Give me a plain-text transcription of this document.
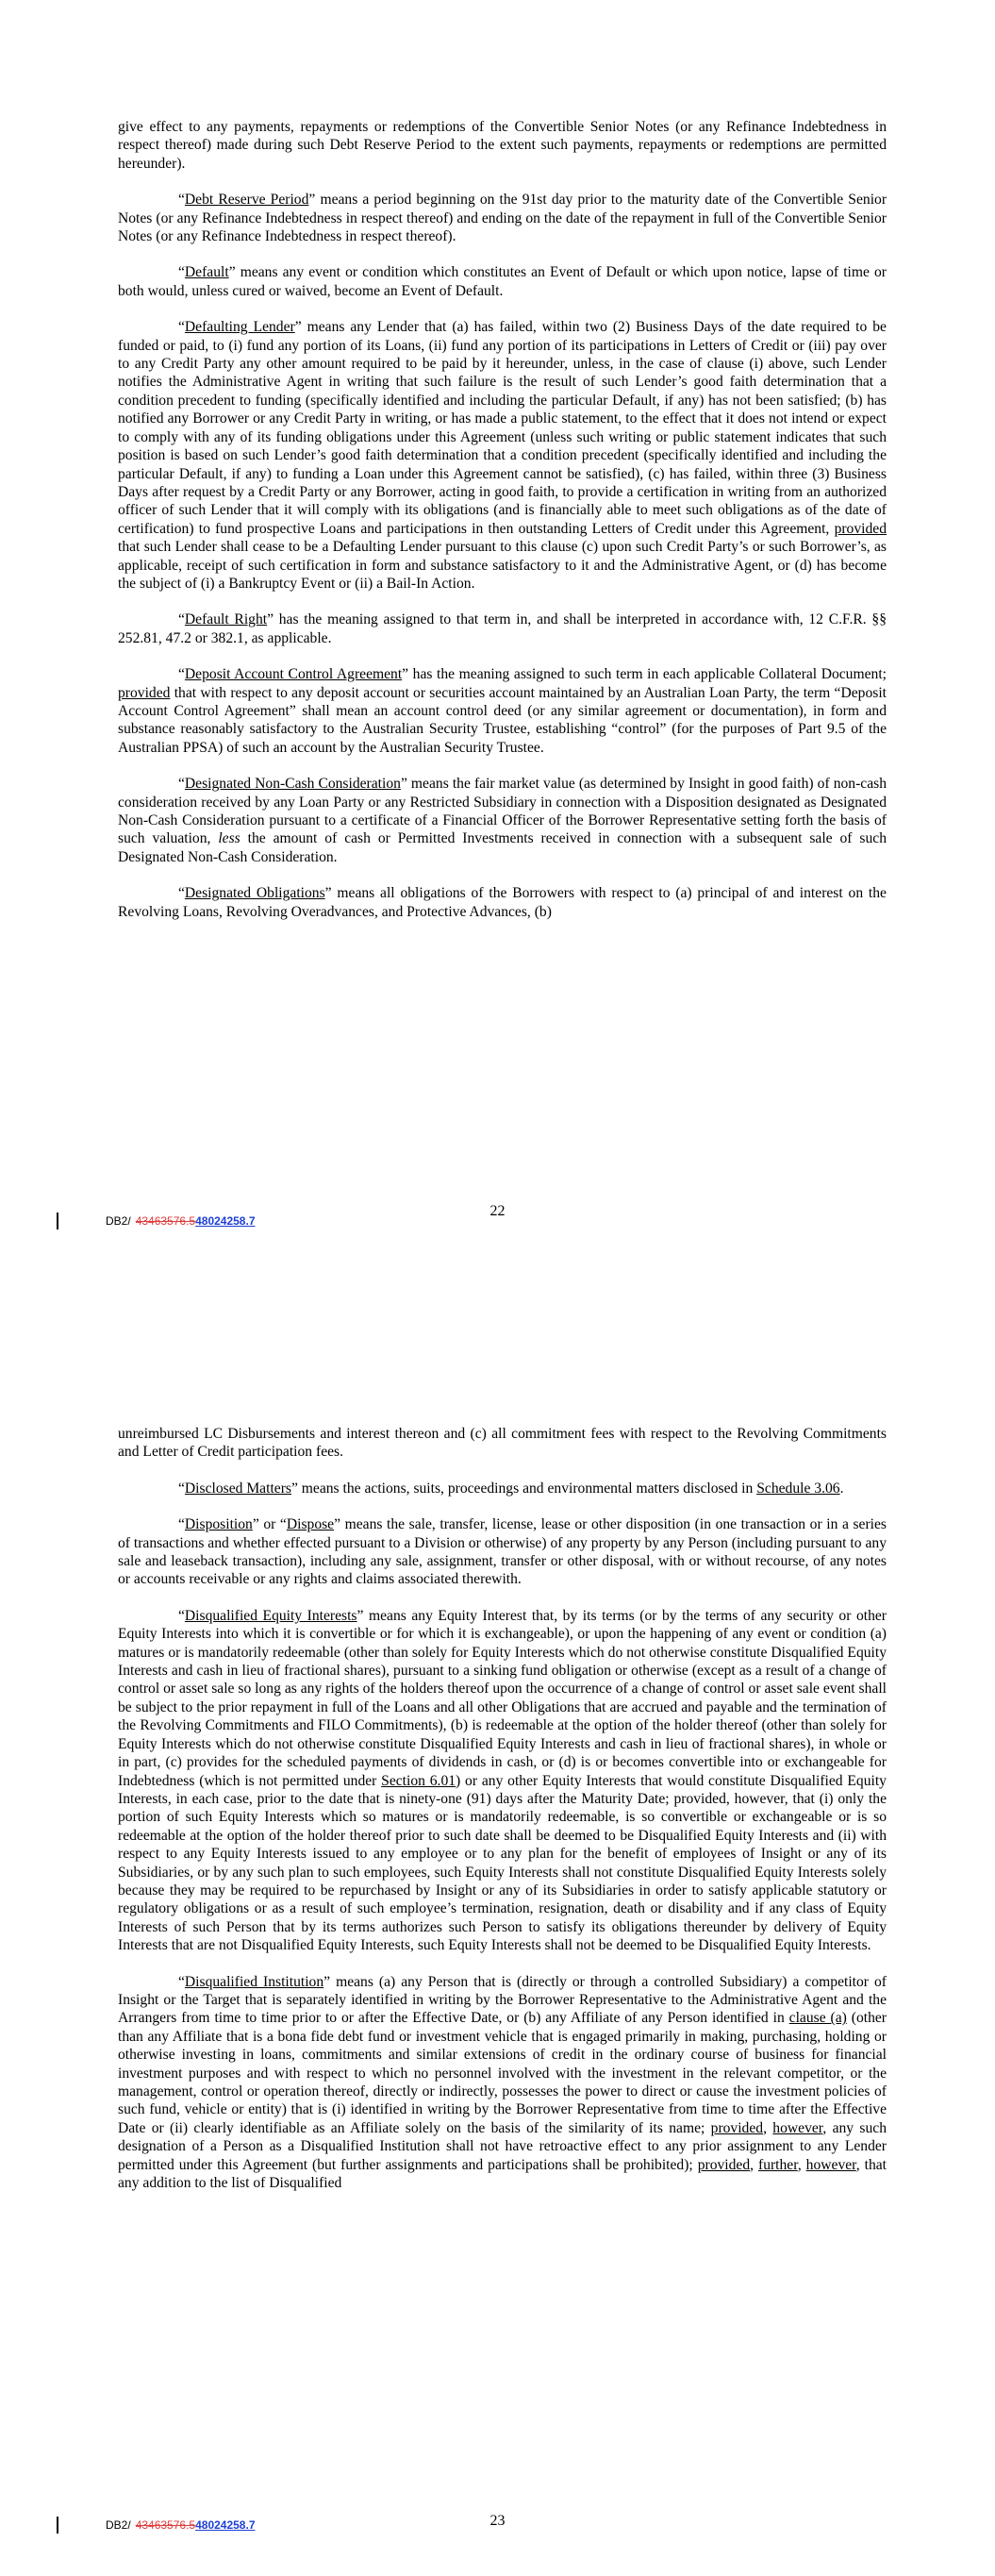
give effect to any payments, repayments or redemptions of the Convertible Senior Notes (or any Refinance Indebtedness in respect thereof) made during such Debt Reserve Period to the extent such payments, repayments or redemptions are permitted hereunder).

“Debt Reserve Period” means a period beginning on the 91st day prior to the maturity date of the Convertible Senior Notes (or any Refinance Indebtedness in respect thereof) and ending on the date of the repayment in full of the Convertible Senior Notes (or any Refinance Indebtedness in respect thereof).

“Default” means any event or condition which constitutes an Event of Default or which upon notice, lapse of time or both would, unless cured or waived, become an Event of Default.

“Defaulting Lender” means any Lender that (a) has failed, within two (2) Business Days of the date required to be funded or paid, to (i) fund any portion of its Loans, (ii) fund any portion of its participations in Letters of Credit or (iii) pay over to any Credit Party any other amount required to be paid by it hereunder, unless, in the case of clause (i) above, such Lender notifies the Administrative Agent in writing that such failure is the result of such Lender’s good faith determination that a condition precedent to funding (specifically identified and including the particular Default, if any) has not been satisfied; (b) has notified any Borrower or any Credit Party in writing, or has made a public statement, to the effect that it does not intend or expect to comply with any of its funding obligations under this Agreement (unless such writing or public statement indicates that such position is based on such Lender’s good faith determination that a condition precedent (specifically identified and including the particular Default, if any) to funding a Loan under this Agreement cannot be satisfied), (c) has failed, within three (3) Business Days after request by a Credit Party or any Borrower, acting in good faith, to provide a certification in writing from an authorized officer of such Lender that it will comply with its obligations (and is financially able to meet such obligations as of the date of certification) to fund prospective Loans and participations in then outstanding Letters of Credit under this Agreement, provided that such Lender shall cease to be a Defaulting Lender pursuant to this clause (c) upon such Credit Party’s or such Borrower’s, as applicable, receipt of such certification in form and substance satisfactory to it and the Administrative Agent, or (d) has become the subject of (i) a Bankruptcy Event or (ii) a Bail-In Action.

“Default Right” has the meaning assigned to that term in, and shall be interpreted in accordance with, 12 C.F.R. §§ 252.81, 47.2 or 382.1, as applicable.

“Deposit Account Control Agreement” has the meaning assigned to such term in each applicable Collateral Document; provided that with respect to any deposit account or securities account maintained by an Australian Loan Party, the term “Deposit Account Control Agreement” shall mean an account control deed (or any similar agreement or documentation), in form and substance reasonably satisfactory to the Australian Security Trustee, establishing “control” (for the purposes of Part 9.5 of the Australian PPSA) of such an account by the Australian Security Trustee.

“Designated Non-Cash Consideration” means the fair market value (as determined by Insight in good faith) of non-cash consideration received by any Loan Party or any Restricted Subsidiary in connection with a Disposition designated as Designated Non-Cash Consideration pursuant to a certificate of a Financial Officer of the Borrower Representative setting forth the basis of such valuation, less the amount of cash or Permitted Investments received in connection with a subsequent sale of such Designated Non-Cash Consideration.

“Designated Obligations” means all obligations of the Borrowers with respect to (a) principal of and interest on the Revolving Loans, Revolving Overadvances, and Protective Advances, (b)

22
DB2/ 43463576.5 48024258.7

unreimbursed LC Disbursements and interest thereon and (c) all commitment fees with respect to the Revolving Commitments and Letter of Credit participation fees.

“Disclosed Matters” means the actions, suits, proceedings and environmental matters disclosed in Schedule 3.06.

“Disposition” or “Dispose” means the sale, transfer, license, lease or other disposition (in one transaction or in a series of transactions and whether effected pursuant to a Division or otherwise) of any property by any Person (including pursuant to any sale and leaseback transaction), including any sale, assignment, transfer or other disposal, with or without recourse, of any notes or accounts receivable or any rights and claims associated therewith.

“Disqualified Equity Interests” means any Equity Interest that, by its terms (or by the terms of any security or other Equity Interests into which it is convertible or for which it is exchangeable), or upon the happening of any event or condition (a) matures or is mandatorily redeemable (other than solely for Equity Interests which do not otherwise constitute Disqualified Equity Interests and cash in lieu of fractional shares), pursuant to a sinking fund obligation or otherwise (except as a result of a change of control or asset sale so long as any rights of the holders thereof upon the occurrence of a change of control or asset sale event shall be subject to the prior repayment in full of the Loans and all other Obligations that are accrued and payable and the termination of the Revolving Commitments and FILO Commitments), (b) is redeemable at the option of the holder thereof (other than solely for Equity Interests which do not otherwise constitute Disqualified Equity Interests and cash in lieu of fractional shares), in whole or in part, (c) provides for the scheduled payments of dividends in cash, or (d) is or becomes convertible into or exchangeable for Indebtedness (which is not permitted under Section 6.01) or any other Equity Interests that would constitute Disqualified Equity Interests, in each case, prior to the date that is ninety-one (91) days after the Maturity Date; provided, however, that (i) only the portion of such Equity Interests which so matures or is mandatorily redeemable, is so convertible or exchangeable or is so redeemable at the option of the holder thereof prior to such date shall be deemed to be Disqualified Equity Interests and (ii) with respect to any Equity Interests issued to any employee or to any plan for the benefit of employees of Insight or any of its Subsidiaries, or by any such plan to such employees, such Equity Interests shall not constitute Disqualified Equity Interests solely because they may be required to be repurchased by Insight or any of its Subsidiaries in order to satisfy applicable statutory or regulatory obligations or as a result of such employee’s termination, resignation, death or disability and if any class of Equity Interests of such Person that by its terms authorizes such Person to satisfy its obligations thereunder by delivery of Equity Interests that are not Disqualified Equity Interests, such Equity Interests shall not be deemed to be Disqualified Equity Interests.

“Disqualified Institution” means (a) any Person that is (directly or through a controlled Subsidiary) a competitor of Insight or the Target that is separately identified in writing by the Borrower Representative to the Administrative Agent and the Arrangers from time to time prior to or after the Effective Date, or (b) any Affiliate of any Person identified in clause (a) (other than any Affiliate that is a bona fide debt fund or investment vehicle that is engaged primarily in making, purchasing, holding or otherwise investing in loans, commitments and similar extensions of credit in the ordinary course of business for financial investment purposes and with respect to which no personnel involved with the investment in the relevant competitor, or the management, control or operation thereof, directly or indirectly, possesses the power to direct or cause the investment policies of such fund, vehicle or entity) that is (i) identified in writing by the Borrower Representative from time to time after the Effective Date or (ii) clearly identifiable as an Affiliate solely on the basis of the similarity of its name; provided, however, any such designation of a Person as a Disqualified Institution shall not have retroactive effect to any prior assignment to any Lender permitted under this Agreement (but further assignments and participations shall be prohibited); provided, further, however, that any addition to the list of Disqualified

23
DB2/ 43463576.5 48024258.7
